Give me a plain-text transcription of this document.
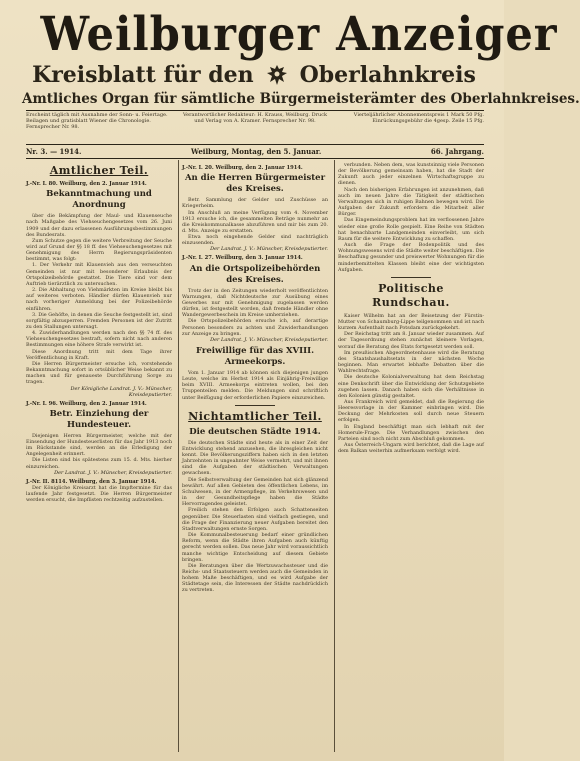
Weilburger Anzeiger
Kreisblatt für den Oberlahnkreis
Amtliches Organ für sämtliche Bürgermeisterämter des Oberlahnkreises.
Erscheint täglich mit Ausnahme der Sonn- u. Feiertage. Beilagen und gratisblatt Wiener die Chronologie. Fernsprecher Nr. 98.
Verantwortlicher Redakteur: H. Krauss, Weilburg. Druck und Verlag von A. Kramer. Fernsprecher Nr. 98.
Vierteljährlicher Abonnementspreis 1 Mark 50 Pfg. Einrückungsgebühr die 4gesp. Zeile 15 Pfg.
Nr. 3. — 1914.	Weilburg, Montag, den 5. Januar.	66. Jahrgang.
Amtlicher Teil.
J.-Nr. I. 80. Weilburg, den 2. Januar 1914.
Bekanntmachung und Anordnung

über die Bekämpfung der Maul- und Klauenseuche nach Maßgabe des Viehseuchengesetzes vom 26. Juni 1909 und der dazu erlassenen Ausführungsbestimmungen des Bundesrats.

Zum Schutze gegen die weitere Verbreitung der Seuche wird auf Grund der §§ 18 ff. des Viehseuchengesetzes mit Genehmigung des Herrn Regierungspräsidenten bestimmt, was folgt:

1. Der Verkehr mit Klauenvieh aus den verseuchten Gemeinden ist nur mit besonderer Erlaubnis der Ortspolizeibehörde gestattet. Die Tiere sind vor dem Auftrieb tierärztlich zu untersuchen.

2. Die Abhaltung von Viehmärkten im Kreise bleibt bis auf weiteres verboten. Händler dürfen Klauenvieh nur nach vorheriger Anmeldung bei der Polizeibehörde einführen.

3. Die Gehöfte, in denen die Seuche festgestellt ist, sind sorgfältig abzusperren. Fremden Personen ist der Zutritt zu den Stallungen untersagt.

4. Zuwiderhandlungen werden nach den §§ 74 ff. des Viehseuchengesetzes bestraft, sofern nicht nach anderen Bestimmungen eine höhere Strafe verwirkt ist.

Diese Anordnung tritt mit dem Tage ihrer Veröffentlichung in Kraft.

Die Herren Bürgermeister ersuche ich, vorstehende Bekanntmachung sofort in ortsüblicher Weise bekannt zu machen und für genaueste Durchführung Sorge zu tragen.

Der Königliche Landrat. J. V.: Münscher, Kreisdeputierter.
J.-Nr. I. 96. Weilburg, den 2. Januar 1914.
Betr. Einziehung der Hundesteuer.

Diejenigen Herren Bürgermeister, welche mit der Einsendung der Hundesteuerlisten für das Jahr 1913 noch im Rückstande sind, werden an die Erledigung der Angelegenheit erinnert.

Die Listen sind bis spätestens zum 15. d. Mts. hierher einzureichen.

Der Landrat. J. V.: Münscher, Kreisdeputierter.
J.-Nr. II. 8114. Weilburg, den 3. Januar 1914.

Der Königliche Kreisarzt hat die Impftermine für das laufende Jahr festgesetzt. Die Herren Bürgermeister werden ersucht, die Impflisten rechtzeitig aufzustellen.

J.-Nr. I. 20. Weilburg, den 2. Januar 1914.
An die Herren Bürgermeister des Kreises.

Betr. Sammlung der Gelder und Zuschüsse an Kriegerheim.

Im Anschluß an meine Verfügung vom 4. November 1913 ersuche ich, die gesammelten Beträge nunmehr an die Kreiskommunalkasse abzuführen und mir bis zum 20. d. Mts. Anzeige zu erstatten.

Etwa noch eingehende Gelder sind nachträglich einzusenden.

Der Landrat. J. V.: Münscher, Kreisdeputierter.
J.-Nr. I. 27. Weilburg, den 3. Januar 1914.
An die Ortspolizeibehörden des Kreises.

Trotz der in den Zeitungen wiederholt veröffentlichten Warnungen, daß Nichtdeutsche zur Ausübung eines Gewerbes nur mit Genehmigung zugelassen werden dürfen, ist festgestellt worden, daß fremde Händler ohne Wandergewerbeschein im Kreise umherziehen.

Die Ortspolizeibehörden ersuche ich, auf derartige Personen besonders zu achten und Zuwiderhandlungen zur Anzeige zu bringen.

Der Landrat. J. V.: Münscher, Kreisdeputierter.
Freiwillige für das XVIII. Armeekorps.

Vom 1. Januar 1914 ab können sich diejenigen jungen Leute, welche im Herbst 1914 als Einjährig-Freiwillige beim XVIII. Armeekorps eintreten wollen, bei den Truppenteilen melden. Die Meldungen sind schriftlich unter Beifügung der erforderlichen Papiere einzureichen.

Nichtamtlicher Teil.
Die deutschen Städte 1914.

Die deutschen Städte sind heute als in einer Zeit der Entwicklung stehend anzusehen, die ihresgleichen nicht kennt. Die Bevölkerungsziffern haben sich in den letzten Jahrzehnten in ungeahnter Weise vermehrt, und mit ihnen sind die Aufgaben der städtischen Verwaltungen gewachsen.

Die Selbstverwaltung der Gemeinden hat sich glänzend bewährt. Auf allen Gebieten des öffentlichen Lebens, im Schulwesen, in der Armenpflege, im Verkehrswesen und in der Gesundheitspflege haben die Städte Hervorragendes geleistet.

Freilich stehen den Erfolgen auch Schattenseiten gegenüber. Die Steuerlasten sind vielfach gestiegen, und die Frage der Finanzierung neuer Aufgaben bereitet den Stadtverwaltungen ernste Sorgen.

Die Kommunalbesteuerung bedarf einer gründlichen Reform, wenn die Städte ihren Aufgaben auch künftig gerecht werden sollen. Das neue Jahr wird voraussichtlich manche wichtige Entscheidung auf diesem Gebiete bringen.

Die Beratungen über die Wertzuwachssteuer und die Reichs- und Staatssteuern werden auch die Gemeinden in hohem Maße beschäftigen, und es wird Aufgabe der Städtetage sein, die Interessen der Städte nachdrücklich zu vertreten.

verbunden. Neben dem, was kunstsinnig viele Personen der Bevölkerung gemeinsam haben, hat die Stadt der Zukunft auch jeder einzelnen Wirtschaftsgruppe zu dienen.

Nach den bisherigen Erfahrungen ist anzunehmen, daß auch im neuen Jahre die Tätigkeit der städtischen Verwaltungen sich in ruhigen Bahnen bewegen wird. Die Aufgaben der Zukunft erfordern die Mitarbeit aller Bürger.

Das Eingemeindungsproblem hat im verflossenen Jahre wieder eine große Rolle gespielt. Eine Reihe von Städten hat benachbarte Landgemeinden einverleibt, um sich Raum für die weitere Entwicklung zu schaffen.

Auch die Frage der Bodenpolitik und des Wohnungswesens wird die Städte weiter beschäftigen. Die Beschaffung gesunder und preiswerter Wohnungen für die minderbemittelten Klassen bleibt eine der wichtigsten Aufgaben.

Politische Rundschau.

Kaiser Wilhelm hat an der Beisetzung der Fürstin-Mutter von Schaumburg-Lippe teilgenommen und ist nach kurzem Aufenthalt nach Potsdam zurückgekehrt.

Der Reichstag tritt am 8. Januar wieder zusammen. Auf der Tagesordnung stehen zunächst kleinere Vorlagen, worauf die Beratung des Etats fortgesetzt werden soll.

Im preußischen Abgeordnetenhause wird die Beratung des Staatshaushaltsetats in der nächsten Woche beginnen. Man erwartet lebhafte Debatten über die Wahlrechtsfrage.

Die deutsche Kolonialverwaltung hat dem Reichstag eine Denkschrift über die Entwicklung der Schutzgebiete zugehen lassen. Danach haben sich die Verhältnisse in den Kolonien günstig gestaltet.

Aus Frankreich wird gemeldet, daß die Regierung die Heeresvorlage in der Kammer einbringen wird. Die Deckung der Mehrkosten soll durch neue Steuern erfolgen.

In England beschäftigt man sich lebhaft mit der Homerule-Frage. Die Verhandlungen zwischen den Parteien sind noch nicht zum Abschluß gekommen.

Aus Österreich-Ungarn wird berichtet, daß die Lage auf dem Balkan weiterhin aufmerksam verfolgt wird.
